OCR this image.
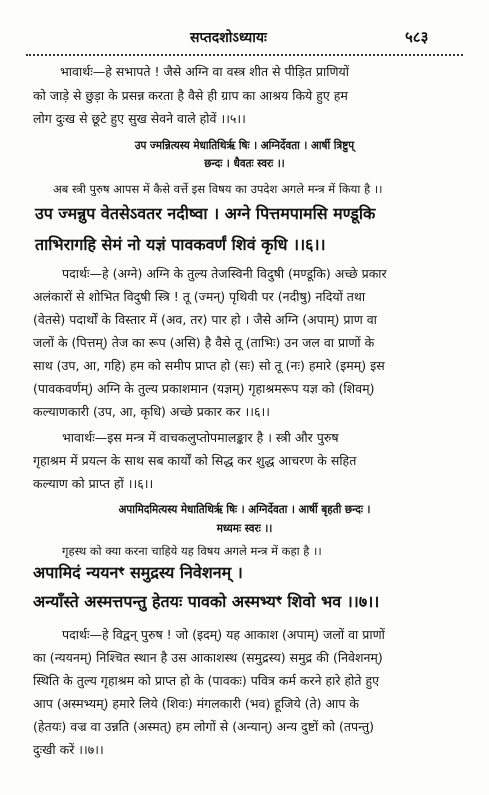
सप्तदशोऽध्यायः	५८३
भावार्थः—हे सभापते ! जैसे अग्नि वा वस्त्र शीत से पीड़ित प्राणियों
को जाड़े से छुड़ा के प्रसन्न करता है वैसे ही ग्राप का आश्रय किये हुए हम
लोग दुःख से छूटे हुए सुख सेवने वाले होवें ।।५।।
उप ज्मन्नित्यस्य मेधातिथिर्ऋ षिः । अग्निर्देवता । आर्षी त्रिष्टुप्
छन्दः । धैवतः स्वरः ।।
अब स्त्री पुरुष आपस में कैसे वर्त्ते इस विषय का उपदेश अगले मन्त्र में किया है ।।
उप ज्मन्नुप वेतसेऽवतर नदीष्वा । अग्ने पित्तमपामसि मण्डूकि
ताभिरागहि सेमं नो यज्ञं पावकवर्णं शिवं कृधि ।।६।।
पदार्थः—हे (अग्ने) अग्नि के तुल्य तेजस्विनी विदुषी (मण्डूकि) अच्छे प्रकार
अलंकारों से शोभित विदुषी स्त्रि ! तू (ज्मन्) पृथिवी पर (नदीषु) नदियों तथा
(वेतसे) पदार्थों के विस्तार में (अव, तर) पार हो । जैसे अग्नि (अपाम्) प्राण वा
जलों के (पित्तम्) तेज का रूप (असि) है वैसे तू (ताभिः) उन जल वा प्राणों के
साथ (उप, आ, गहि) हम को समीप प्राप्त हो (सः) सो तू (नः) हमारे (इमम्) इस
(पावकवर्णम्) अग्नि के तुल्य प्रकाशमान (यज्ञम्) गृहाश्रमरूप यज्ञ को (शिवम्)
कल्याणकारी (उप, आ, कृधि) अच्छे प्रकार कर ।।६।।
भावार्थः—इस मन्त्र में वाचकलुप्तोपमालङ्कार है । स्त्री और पुरुष
गृहाश्रम में प्रयत्न के साथ सब कार्यों को सिद्ध कर शुद्ध आचरण के सहित
कल्याण को प्राप्त हों ।।६।।
अपामिदमित्यस्य मेधातिथिर्ऋ षिः । अग्निर्देवता । आर्षी बृहती छन्दः ।
मध्यमः स्वरः ।।
गृहस्थ को क्या करना चाहिये यह विषय अगले मन्त्र में कहा है ।।
अपामिदं न्ययनꣳ समुद्रस्य निवेशनम् ।
अन्याँस्ते अस्मत्तपन्तु हेतयः पावको अस्मभ्यꣳ शिवो भव ।।७।।
पदार्थः—हे विद्वन् पुरुष ! जो (इदम्) यह आकाश (अपाम्) जलों वा प्राणों
का (न्ययनम्) निश्चित स्थान है उस आकाशस्थ (समुद्रस्य) समुद्र की (निवेशनम्)
स्थिति के तुल्य गृहाश्रम को प्राप्त हो के (पावकः) पवित्र कर्म करने हारे होते हुए
आप (अस्मभ्यम्) हमारे लिये (शिवः) मंगलकारी (भव) हूजिये (ते) आप के
(हेतयः) वज्र वा उन्नति (अस्मत्) हम लोगों से (अन्यान्) अन्य दुष्टों को (तपन्तु)
दुःखी करें ।।७।।
